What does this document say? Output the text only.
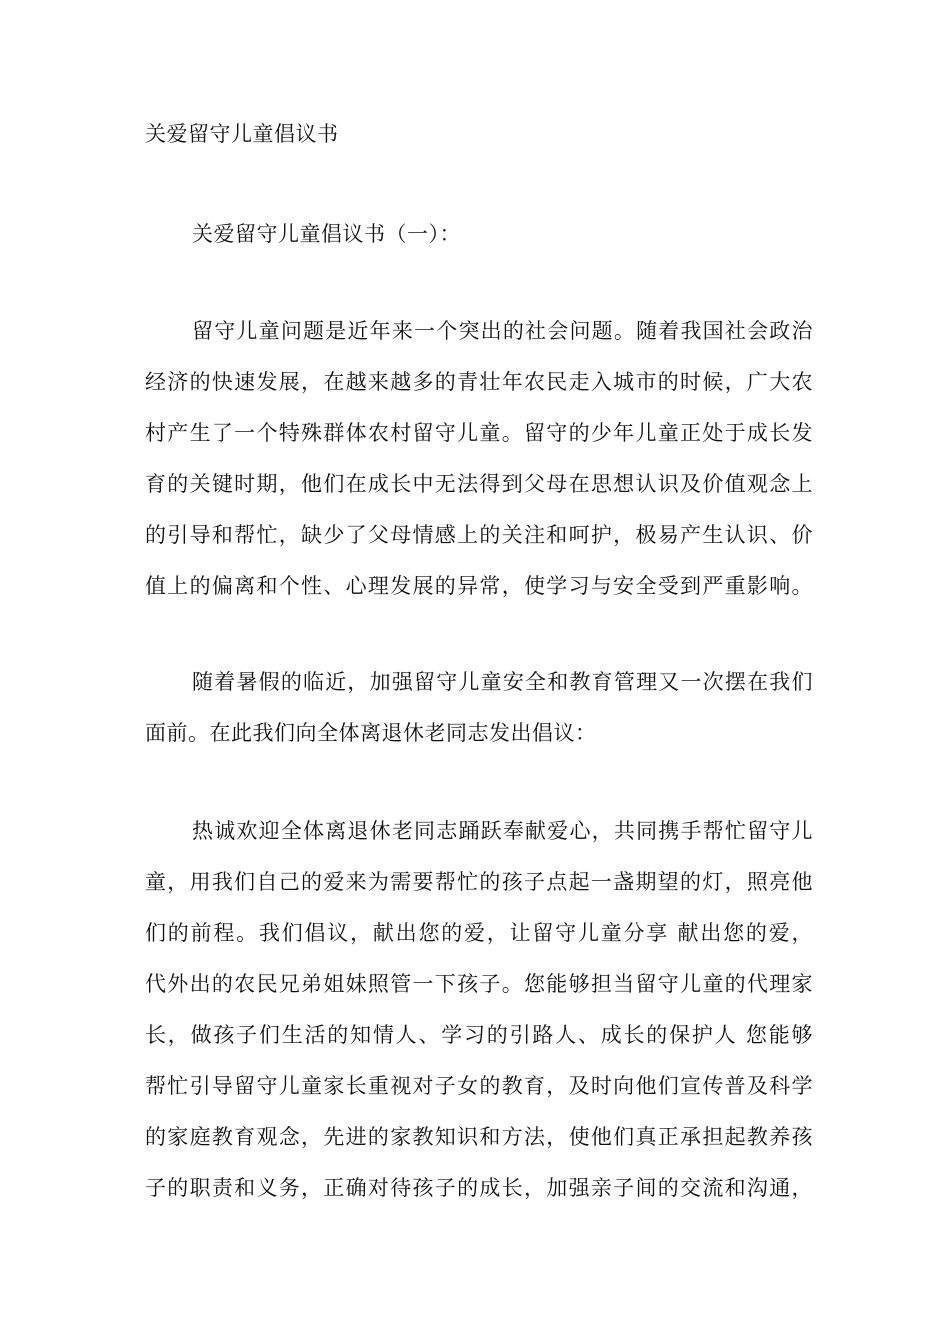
关爱留守儿童倡议书
关爱留守儿童倡议书（一）：
留守儿童问题是近年来一个突出的社会问题。随着我国社会政治
经济的快速发展，在越来越多的青壮年农民走入城市的时候，广大农
村产生了一个特殊群体农村留守儿童。留守的少年儿童正处于成长发
育的关键时期，他们在成长中无法得到父母在思想认识及价值观念上
的引导和帮忙，缺少了父母情感上的关注和呵护，极易产生认识、价
值上的偏离和个性、心理发展的异常，使学习与安全受到严重影响。
随着暑假的临近，加强留守儿童安全和教育管理又一次摆在我们
面前。在此我们向全体离退休老同志发出倡议：
热诚欢迎全体离退休老同志踊跃奉献爱心，共同携手帮忙留守儿
童，用我们自己的爱来为需要帮忙的孩子点起一盏期望的灯，照亮他
们的前程。我们倡议，献出您的爱，让留守儿童分享 献出您的爱，
代外出的农民兄弟姐妹照管一下孩子。您能够担当留守儿童的代理家
长，做孩子们生活的知情人、学习的引路人、成长的保护人 您能够
帮忙引导留守儿童家长重视对子女的教育，及时向他们宣传普及科学
的家庭教育观念，先进的家教知识和方法，使他们真正承担起教养孩
子的职责和义务，正确对待孩子的成长，加强亲子间的交流和沟通，
